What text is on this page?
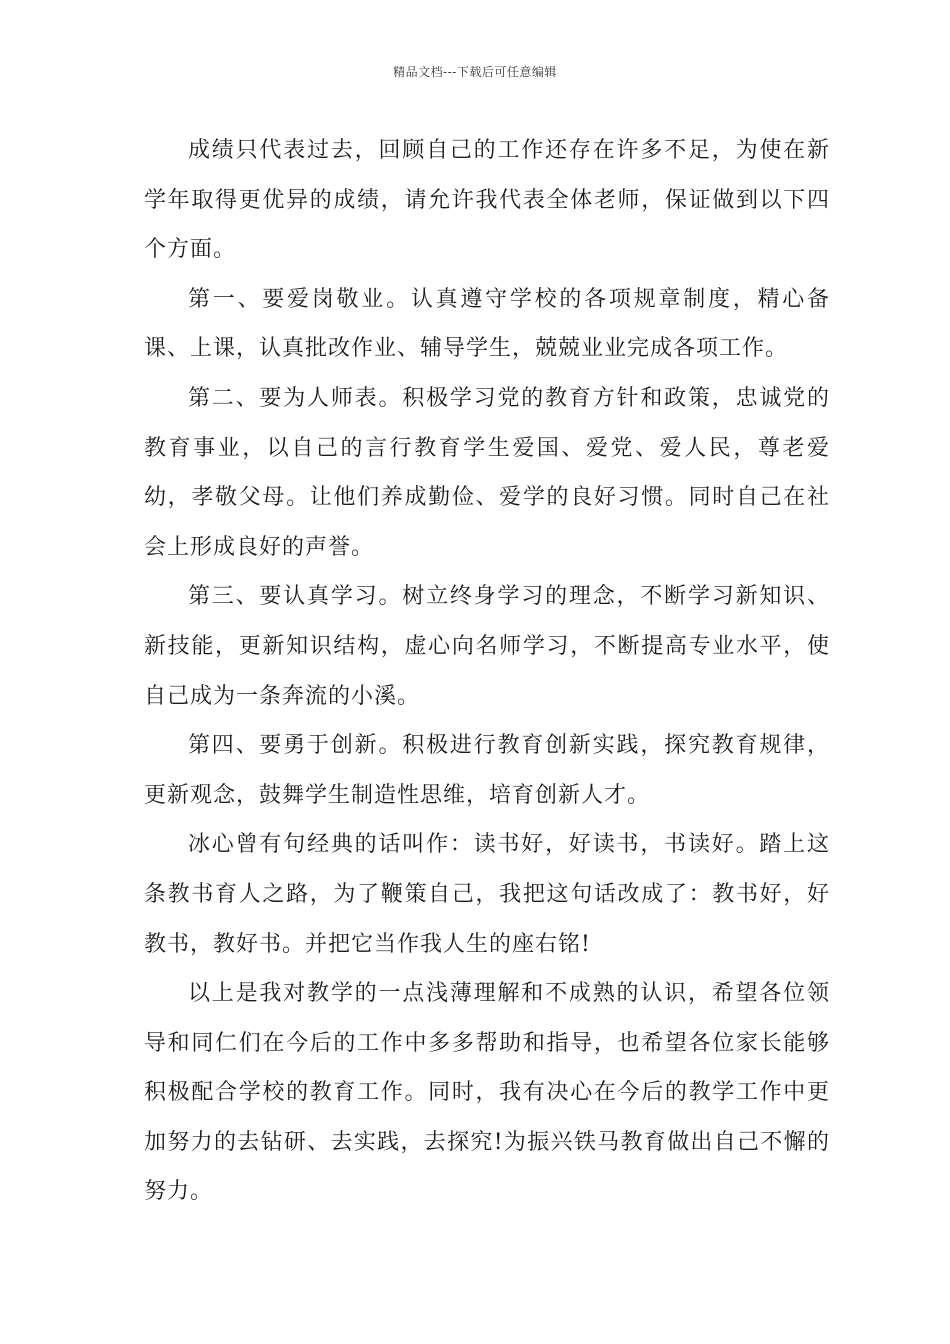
精品文档---下载后可任意编辑

成绩只代表过去，回顾自己的工作还存在许多不足，为使在新学年取得更优异的成绩，请允许我代表全体老师，保证做到以下四个方面。

第一、要爱岗敬业。认真遵守学校的各项规章制度，精心备课、上课，认真批改作业、辅导学生，兢兢业业完成各项工作。

第二、要为人师表。积极学习党的教育方针和政策，忠诚党的教育事业，以自己的言行教育学生爱国、爱党、爱人民，尊老爱幼，孝敬父母。让他们养成勤俭、爱学的良好习惯。同时自己在社会上形成良好的声誉。

第三、要认真学习。树立终身学习的理念，不断学习新知识、新技能，更新知识结构，虚心向名师学习，不断提高专业水平，使自己成为一条奔流的小溪。

第四、要勇于创新。积极进行教育创新实践，探究教育规律，更新观念，鼓舞学生制造性思维，培育创新人才。

冰心曾有句经典的话叫作：读书好，好读书，书读好。踏上这条教书育人之路，为了鞭策自己，我把这句话改成了：教书好，好教书，教好书。并把它当作我人生的座右铭!

以上是我对教学的一点浅薄理解和不成熟的认识，希望各位领导和同仁们在今后的工作中多多帮助和指导，也希望各位家长能够积极配合学校的教育工作。同时，我有决心在今后的教学工作中更加努力的去钻研、去实践，去探究!为振兴铁马教育做出自己不懈的努力。
